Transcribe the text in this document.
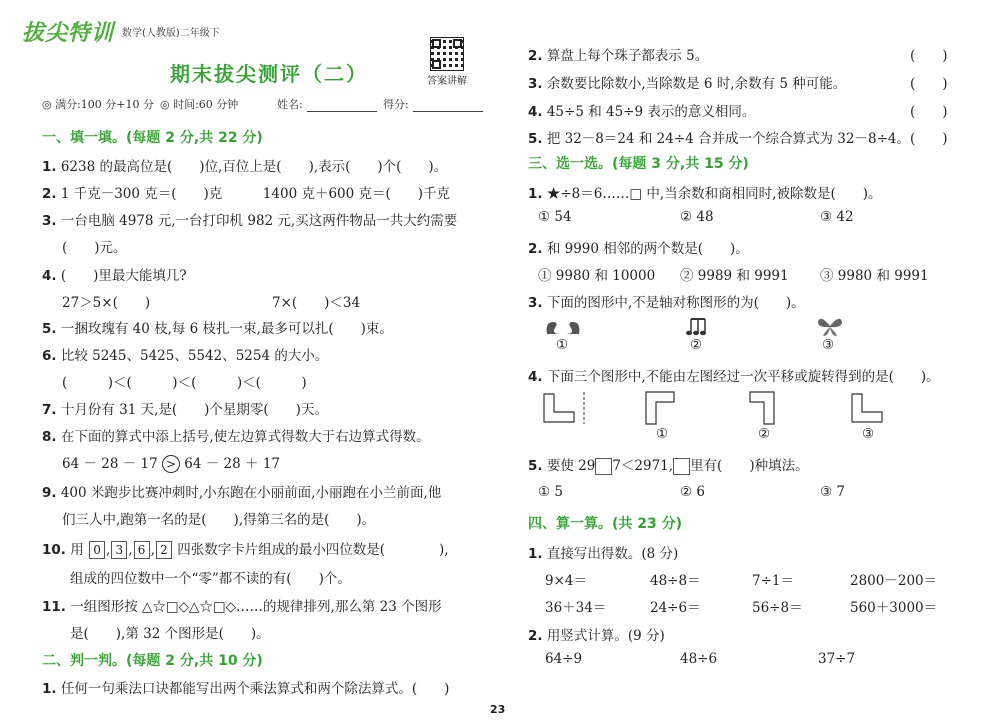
拔尖特训 数学(人教版)二年级下
期末拔尖测评（二）	答案讲解
◎ 满分:100 分+10 分 ◎ 时间:60 分钟	姓名:	得分:
一、填一填。(每题 2 分,共 22 分)
1. 6238 的最高位是(　　)位,百位上是(　　),表示(　　)个(　　)。
2. 1 千克－300 克＝(　　)克　　　1400 克＋600 克＝(　　)千克
3. 一台电脑 4978 元,一台打印机 982 元,买这两件物品一共大约需要
(　　)元。
4. (　　)里最大能填几?
27＞5×(　　)	7×(　　)＜34
5. 一捆玫瑰有 40 枝,每 6 枝扎一束,最多可以扎(　　)束。
6. 比较 5245、5425、5542、5254 的大小。
(　　　)＜(　　　)＜(　　　)＜(　　　)
7. 十月份有 31 天,是(　　)个星期零(　　)天。
8. 在下面的算式中添上括号,使左边算式得数大于右边算式得数。
64 － 28 － 17 > 64 － 28 ＋ 17
9. 400 米跑步比赛冲刺时,小东跑在小丽前面,小丽跑在小兰前面,他
们三人中,跑第一名的是(　　),得第三名的是(　　)。
10. 用 0 , 3 , 6 , 2 四张数字卡片组成的最小四位数是(　　　　),
组成的四位数中一个“零”都不读的有(　　)个。
11. 一组图形按 △☆□◇△☆□◇……的规律排列,那么第 23 个图形
是(　　),第 32 个图形是(　　)。
二、判一判。(每题 2 分,共 10 分)
1. 任何一句乘法口诀都能写出两个乘法算式和两个除法算式。(　　)
2. 算盘上每个珠子都表示 5。	(　　)
3. 余数要比除数小,当除数是 6 时,余数有 5 种可能。	(　　)
4. 45÷5 和 45÷9 表示的意义相同。	(　　)
5. 把 32－8＝24 和 24÷4 合并成一个综合算式为 32－8÷4。 (　　)
三、选一选。(每题 3 分,共 15 分)
1. ★÷8＝6……□ 中,当余数和商相同时,被除数是(　　)。
① 54	② 48	③ 42
2. 和 9990 相邻的两个数是(　　)。
① 9980 和 10000 ② 9989 和 9991 ③ 9980 和 9991
3. 下面的图形中,不是轴对称图形的为(　　)。
①	②	③
4. 下面三个图形中,不能由左图经过一次平移或旋转得到的是(　　)。
①	②	③
5. 要使 29 7＜2971, 里有(　　)种填法。
① 5	② 6	③ 7
四、算一算。(共 23 分)
1. 直接写出得数。(8 分)
9×4＝	48÷8＝	7÷1＝	2800－200＝
36＋34＝	24÷6＝	56÷8＝	560＋3000＝
2. 用竖式计算。(9 分)
64÷9	48÷6	37÷7
23
